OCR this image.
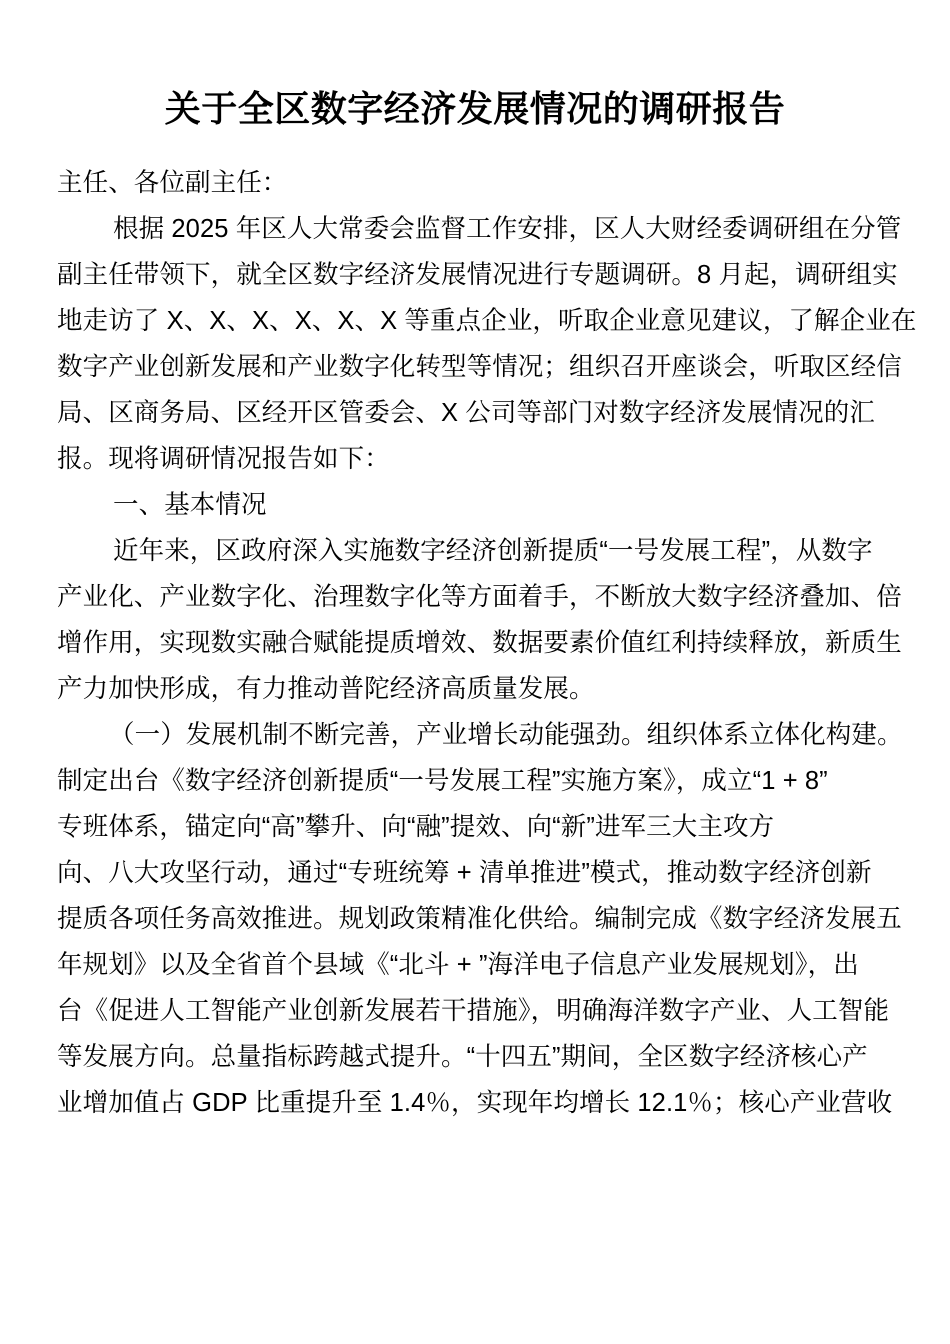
关于全区数字经济发展情况的调研报告
主任、各位副主任：
根据 2025 年区人大常委会监督工作安排，区人大财经委调研组在分管
副主任带领下，就全区数字经济发展情况进行专题调研。8 月起，调研组实
地走访了 X、X、X、X、X、X 等重点企业，听取企业意见建议，了解企业在
数字产业创新发展和产业数字化转型等情况；组织召开座谈会，听取区经信
局、区商务局、区经开区管委会、X 公司等部门对数字经济发展情况的汇
报。现将调研情况报告如下：
一、基本情况
近年来，区政府深入实施数字经济创新提质“一号发展工程”，从数字
产业化、产业数字化、治理数字化等方面着手，不断放大数字经济叠加、倍
增作用，实现数实融合赋能提质增效、数据要素价值红利持续释放，新质生
产力加快形成，有力推动普陀经济高质量发展。
（一）发展机制不断完善，产业增长动能强劲。组织体系立体化构建。
制定出台《数字经济创新提质“一号发展工程”实施方案》，成立“1 + 8”
专班体系，锚定向“高”攀升、向“融”提效、向“新”进军三大主攻方
向、八大攻坚行动，通过“专班统筹 + 清单推进”模式，推动数字经济创新
提质各项任务高效推进。规划政策精准化供给。编制完成《数字经济发展五
年规划》以及全省首个县域《“北斗 + ”海洋电子信息产业发展规划》，出
台《促进人工智能产业创新发展若干措施》，明确海洋数字产业、人工智能
等发展方向。总量指标跨越式提升。“十四五”期间，全区数字经济核心产
业增加值占 GDP 比重提升至 1.4％，实现年均增长 12.1％；核心产业营收
